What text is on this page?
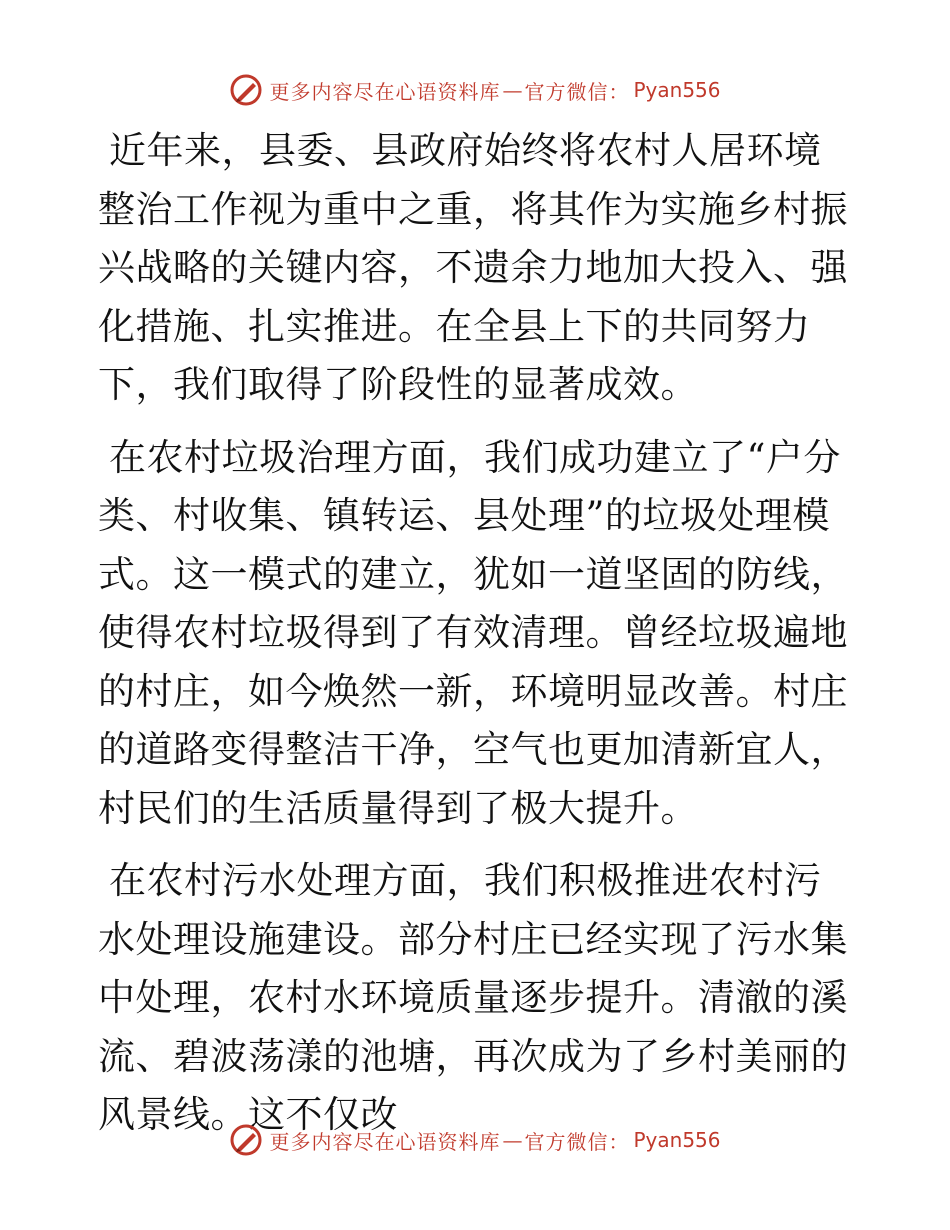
更多内容尽在心语资料库 — 官方微信： Pyan556

近年来，县委、县政府始终将农村人居环境整治工作视为重中之重，将其作为实施乡村振兴战略的关键内容，不遗余力地加大投入、强化措施、扎实推进。在全县上下的共同努力下，我们取得了阶段性的显著成效。

在农村垃圾治理方面，我们成功建立了“户分类、村收集、镇转运、县处理”的垃圾处理模式。这一模式的建立，犹如一道坚固的防线，使得农村垃圾得到了有效清理。曾经垃圾遍地的村庄，如今焕然一新，环境明显改善。村庄的道路变得整洁干净，空气也更加清新宜人，村民们的生活质量得到了极大提升。

在农村污水处理方面，我们积极推进农村污水处理设施建设。部分村庄已经实现了污水集中处理，农村水环境质量逐步提升。清澈的溪流、碧波荡漾的池塘，再次成为了乡村美丽的风景线。这不仅改

更多内容尽在心语资料库 — 官方微信： Pyan556
